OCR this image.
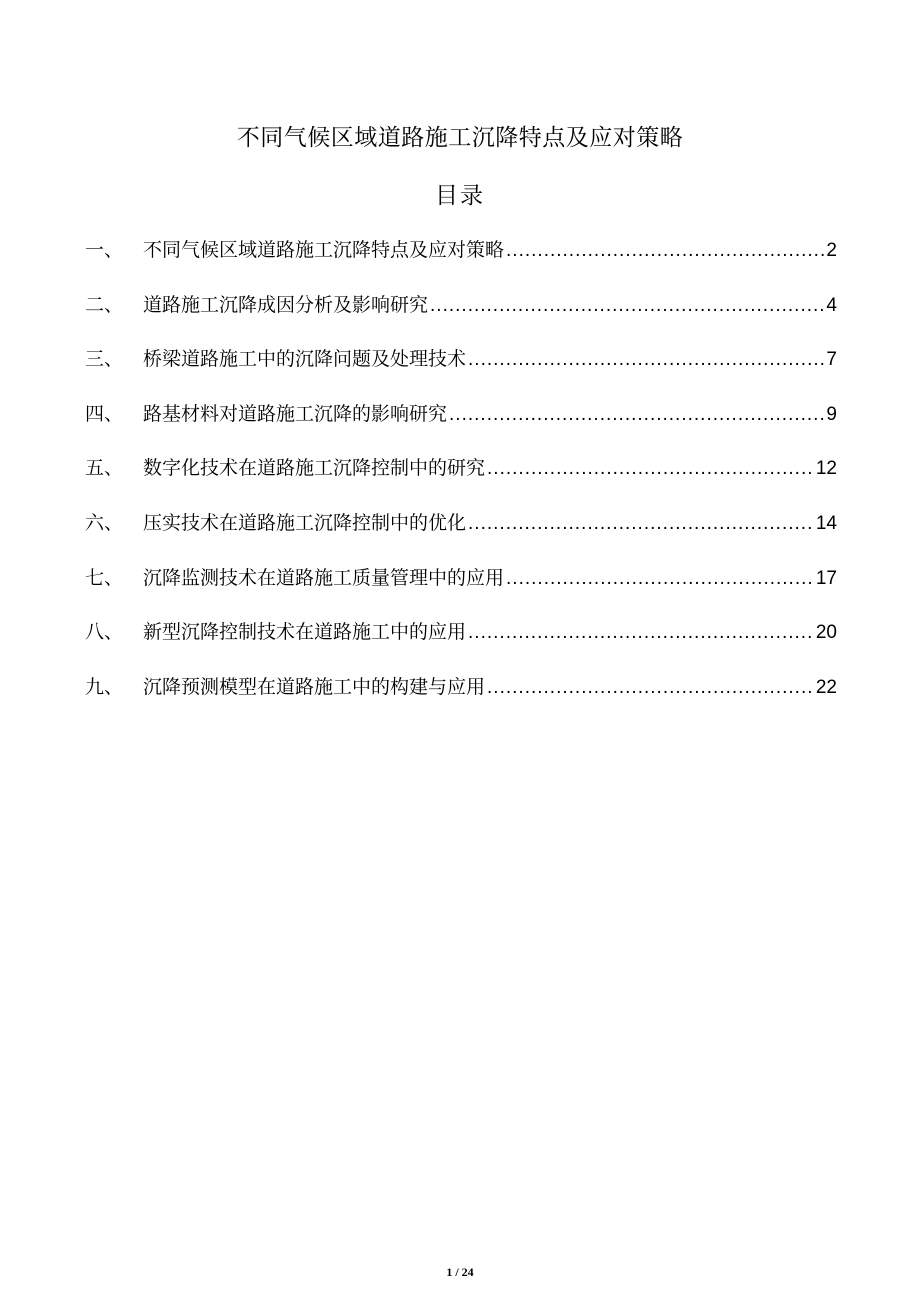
不同气候区域道路施工沉降特点及应对策略
目录
一、	不同气候区域道路施工沉降特点及应对策略 .....	2
二、	道路施工沉降成因分析及影响研究 .....	4
三、	桥梁道路施工中的沉降问题及处理技术 .....	7
四、	路基材料对道路施工沉降的影响研究 .....	9
五、	数字化技术在道路施工沉降控制中的研究 .....	12
六、	压实技术在道路施工沉降控制中的优化 .....	14
七、	沉降监测技术在道路施工质量管理中的应用 .....	17
八、	新型沉降控制技术在道路施工中的应用 .....	20
九、	沉降预测模型在道路施工中的构建与应用 .....	22
1 / 24
